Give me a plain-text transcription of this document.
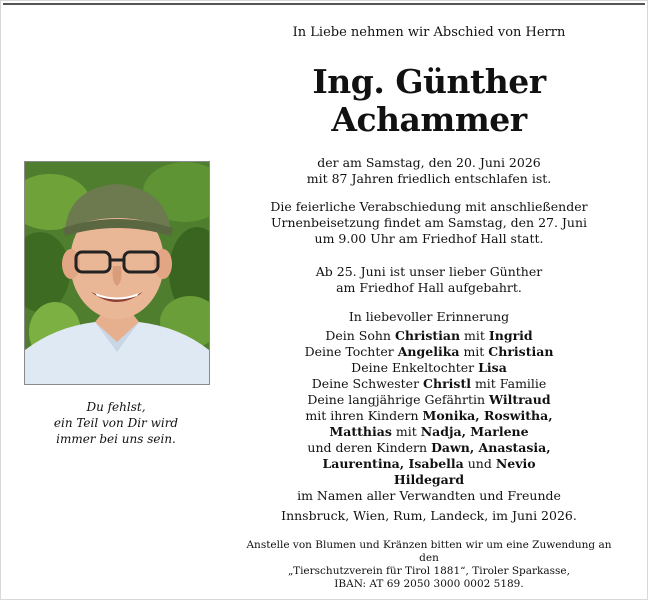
In Liebe nehmen wir Abschied von Herrn
Ing. Günther
Achammer
der am Samstag, den 20. Juni 2026
mit 87 Jahren friedlich entschlafen ist.
Die feierliche Verabschiedung mit anschließender
Urnenbeisetzung findet am Samstag, den 27. Juni
um 9.00 Uhr am Friedhof Hall statt.
Ab 25. Juni ist unser lieber Günther
am Friedhof Hall aufgebahrt.
In liebevoller Erinnerung
Dein Sohn Christian mit Ingrid
Deine Tochter Angelika mit Christian
Deine Enkeltochter Lisa
Deine Schwester Christl mit Familie
Deine langjährige Gefährtin Wiltraud
mit ihren Kindern Monika, Roswitha,
Matthias mit Nadja, Marlene
und deren Kindern Dawn, Anastasia,
Laurentina, Isabella und Nevio
Hildegard
im Namen aller Verwandten und Freunde
Innsbruck, Wien, Rum, Landeck, im Juni 2026.
Anstelle von Blumen und Kränzen bitten wir um eine Zuwendung an den
„Tierschutzverein für Tirol 1881“, Tiroler Sparkasse,
IBAN: AT 69 2050 3000 0002 5189.
Du fehlst,
ein Teil von Dir wird
immer bei uns sein.
